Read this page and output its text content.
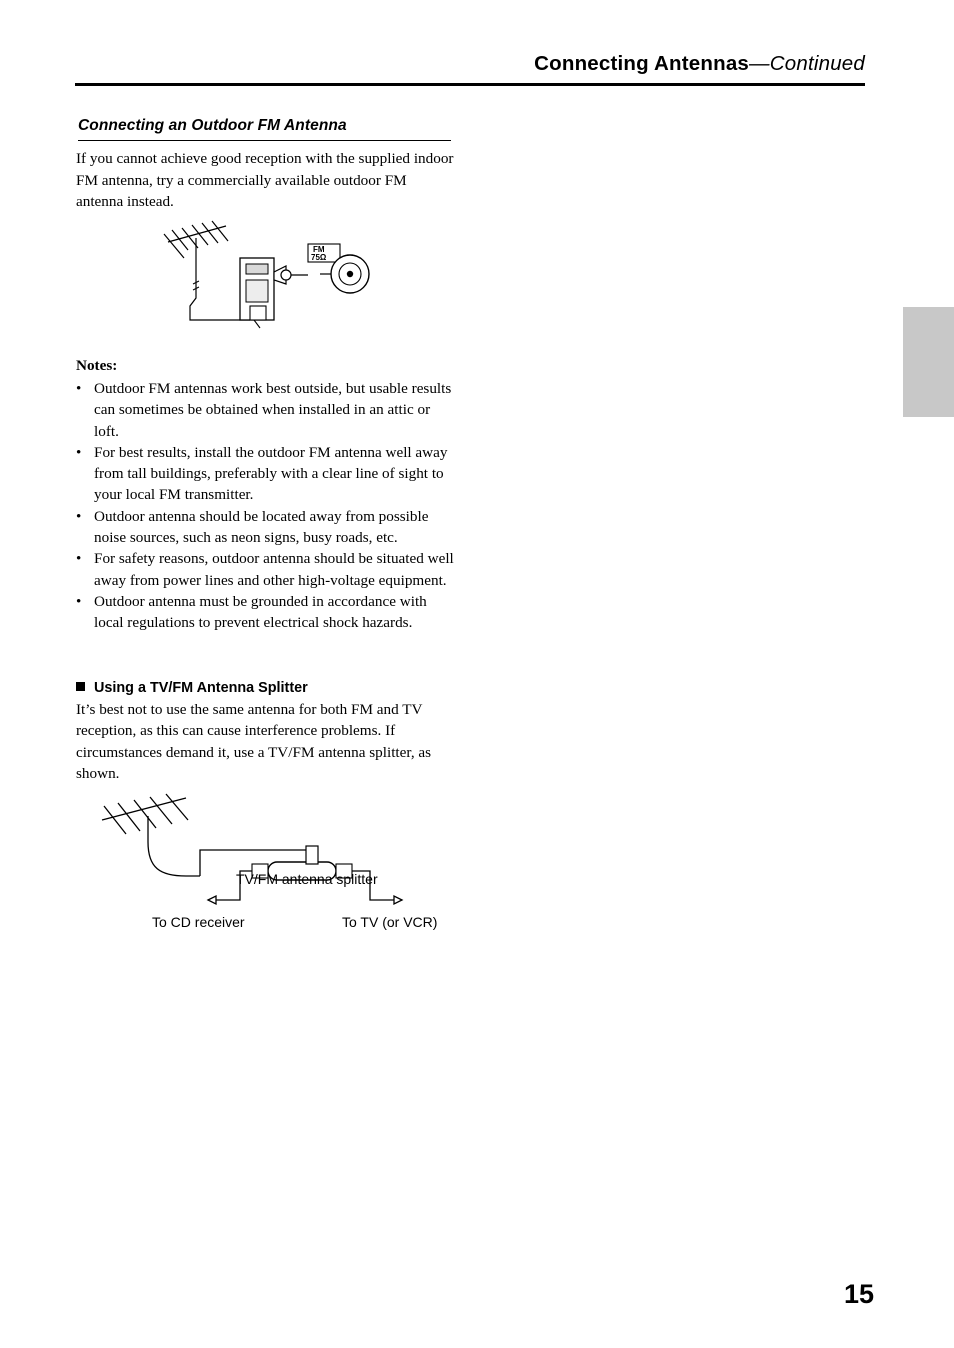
Connecting Antennas—Continued
Connecting an Outdoor FM Antenna
If you cannot achieve good reception with the supplied indoor FM antenna, try a commercially available outdoor FM antenna instead.
FM
75Ω
Notes:
• Outdoor FM antennas work best outside, but usable results can sometimes be obtained when installed in an attic or loft.
• For best results, install the outdoor FM antenna well away from tall buildings, preferably with a clear line of sight to your local FM transmitter.
• Outdoor antenna should be located away from possible noise sources, such as neon signs, busy roads, etc.
• For safety reasons, outdoor antenna should be situated well away from power lines and other high-voltage equipment.
• Outdoor antenna must be grounded in accordance with local regulations to prevent electrical shock hazards.
Using a TV/FM Antenna Splitter
It’s best not to use the same antenna for both FM and TV reception, as this can cause interference problems. If circumstances demand it, use a TV/FM antenna splitter, as shown.
TV/FM antenna splitter
To CD receiver	To TV (or VCR)
15
